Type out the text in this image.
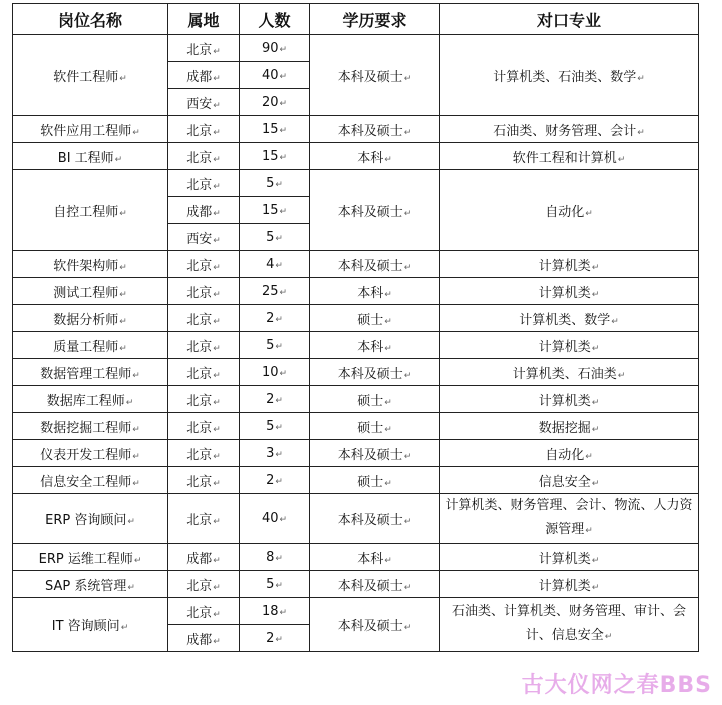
岗位名称	属地	人数	学历要求	对口专业
软件工程师 ↵	北京 ↵	90 ↵	本科及硕士 ↵	计算机类、石油类、数学 ↵
	成都 ↵	40 ↵
	西安 ↵	20 ↵
软件应用工程师 ↵	北京 ↵	15 ↵	本科及硕士 ↵	石油类、财务管理、会计 ↵
BI 工程师 ↵	北京 ↵	15 ↵	本科 ↵	软件工程和计算机 ↵
自控工程师 ↵	北京 ↵	5 ↵	本科及硕士 ↵	自动化 ↵
	成都 ↵	15 ↵
	西安 ↵	5 ↵
软件架构师 ↵	北京 ↵	4 ↵	本科及硕士 ↵	计算机类 ↵
测试工程师 ↵	北京 ↵	25 ↵	本科 ↵	计算机类 ↵
数据分析师 ↵	北京 ↵	2 ↵	硕士 ↵	计算机类、数学 ↵
质量工程师 ↵	北京 ↵	5 ↵	本科 ↵	计算机类 ↵
数据管理工程师 ↵	北京 ↵	10 ↵	本科及硕士 ↵	计算机类、石油类 ↵
数据库工程师 ↵	北京 ↵	2 ↵	硕士 ↵	计算机类 ↵
数据挖掘工程师 ↵	北京 ↵	5 ↵	硕士 ↵	数据挖掘 ↵
仪表开发工程师 ↵	北京 ↵	3 ↵	本科及硕士 ↵	自动化 ↵
信息安全工程师 ↵	北京 ↵	2 ↵	硕士 ↵	信息安全 ↵
ERP 咨询顾问 ↵	北京 ↵	40 ↵	本科及硕士 ↵	计算机类、财务管理、会计、物流、人力资源管理 ↵
ERP 运维工程师 ↵	成都 ↵	8 ↵	本科 ↵	计算机类 ↵
SAP 系统管理 ↵	北京 ↵	5 ↵	本科及硕士 ↵	计算机类 ↵
IT 咨询顾问 ↵	北京 ↵	18 ↵	本科及硕士 ↵	石油类、计算机类、财务管理、审计、会计、信息安全 ↵
	成都 ↵	2 ↵
古大仪网之春BBS
